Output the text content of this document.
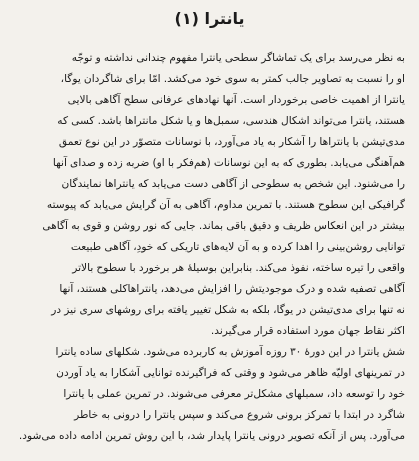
یانترا (۱)
به نظر می‌رسد برای یک تماشاگر سطحی یانترا مفهوم چندانی نداشته و توجّه
او را نسبت به تصاویر جالب کمتر به سوی خود می‌کشد. امّا برای شاگردان یوگا،
یانترا از اهمیت خاصی برخوردار است. آنها نهادهای عرفانی سطح آگاهی بالایی
هستند، یانترا می‌تواند اشکال هندسی، سمبل‌ها و یا شکل مانترا‌ها باشد. کسی که
مدی‌تیشن با یانتراها را آشکار به یاد می‌آورد، با نوسانات متصوّر در این نوع تعمق
هم‌آهنگی می‌یابد. بطوری که به این نوسانات (هم‌فکر با او) ضربه زده و صدای آنها
را می‌شنود. این شخص به سطوحی از آگاهی دست می‌یابد که یانتراها نمایندگان
گرافیکی این سطوح هستند. با تمرین مداوم، آگاهی به آن گرایش می‌یابد که پیوسته
بیشتر در این انعکاس ظریف و دقیق باقی بماند. جایی که نور روشن و قوی به آگاهی
توانایی روشن‌بینی را اهدا کرده و به آن لایه‌های تاریکی که خودِ، آگاهی طبیعت
واقعی را تیره ساخته، نفوذ می‌کند. بنابراین بوسیلهٔ هر برخورد با سطوح بالاتر
آگاهی تصفیه شده و درک موجودیتش را افزایش می‌دهد، یانتراهاکلی هستند، آنها
نه تنها برای مدی‌تیشن در یوگا، بلکه به شکل تغییر یافته برای روشهای سری نیز در
اکثر نقاط جهان مورد استفاده قرار می‌گیرند.
شش یانترا در این دورهٔ ۳۰ روزه آموزش به کاربرده می‌شود. شکلهای ساده یانترا
در تمرینهای اولیّه ظاهر می‌شود و وقتی که فراگیرنده توانایی آشکارا به یاد آوردن
خود را توسعه داد، سمبلهای مشکل‌تر معرفی می‌شوند. در تمرین عملی با یانترا
شاگرد در ابتدا با تمرکز برونی شروع می‌کند و سپس یانترا را درونی به خاطر
می‌آورد. پس از آنکه تصویر درونی یانترا پایدار شد، با این روش تمرین ادامه داده می‌شود.
